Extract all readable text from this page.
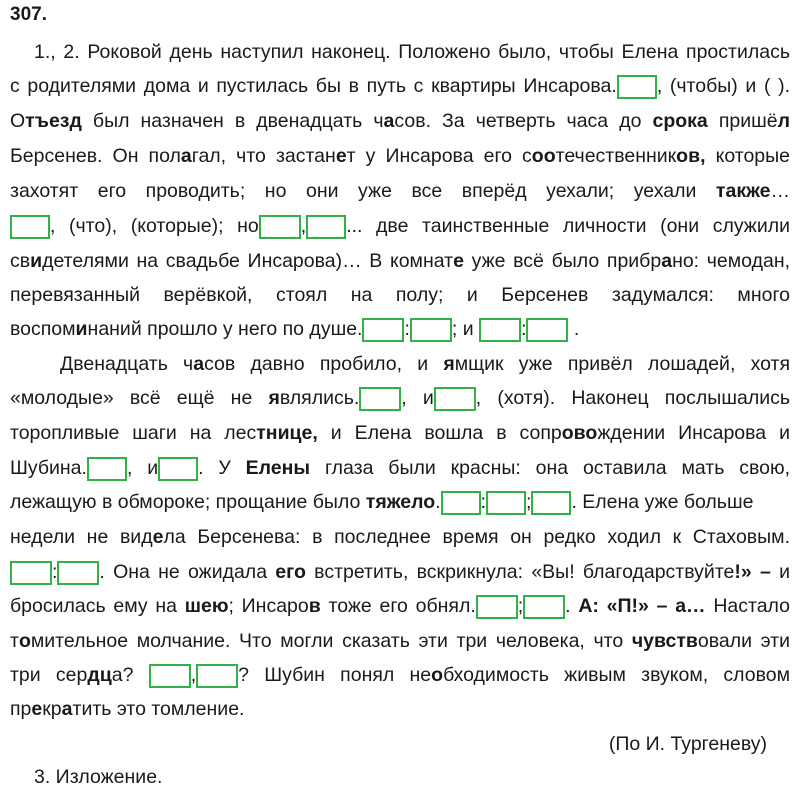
307.
1., 2. Роковой день наступил наконец. Положено было, чтобы Елена простилась
с родителями дома и пустилась бы в путь с квартиры Инсарова. , (чтобы) и ( ).
Отъезд был назначен в двенадцать часов. За четверть часа до срока пришёл
Берсенев. Он полагал, что застанет у Инсарова его соотечественников, которые
захотят его проводить; но они уже все вперёд уехали; уехали также…
, (что), (которые); но , ... две таинственные личности (они служили
свидетелями на свадьбе Инсарова)… В комнате уже всё было прибрано: чемодан,
перевязанный верёвкой, стоял на полу; и Берсенев задумался: много
воспоминаний прошло у него по душе. : ; и : .
Двенадцать часов давно пробило, и ямщик уже привёл лошадей, хотя
«молодые» всё ещё не являлись. , и , (хотя). Наконец послышались
торопливые шаги на лестнице, и Елена вошла в сопровождении Инсарова и
Шубина. , и . У Елены глаза были красны: она оставила мать свою,
лежащую в обмороке; прощание было тяжело. : ; . Елена уже больше
недели не видела Берсенева: в последнее время он редко ходил к Стаховым.
: . Она не ожидала его встретить, вскрикнула: «Вы! благодарствуйте!» – и
бросилась ему на шею; Инсаров тоже его обнял. ; . А: «П!» – а… Настало
томительное молчание. Что могли сказать эти три человека, что чувствовали эти
три сердца?	, ? Шубин понял необходимость живым звуком, словом
прекратить это томление.
(По И. Тургеневу)
3. Изложение.
